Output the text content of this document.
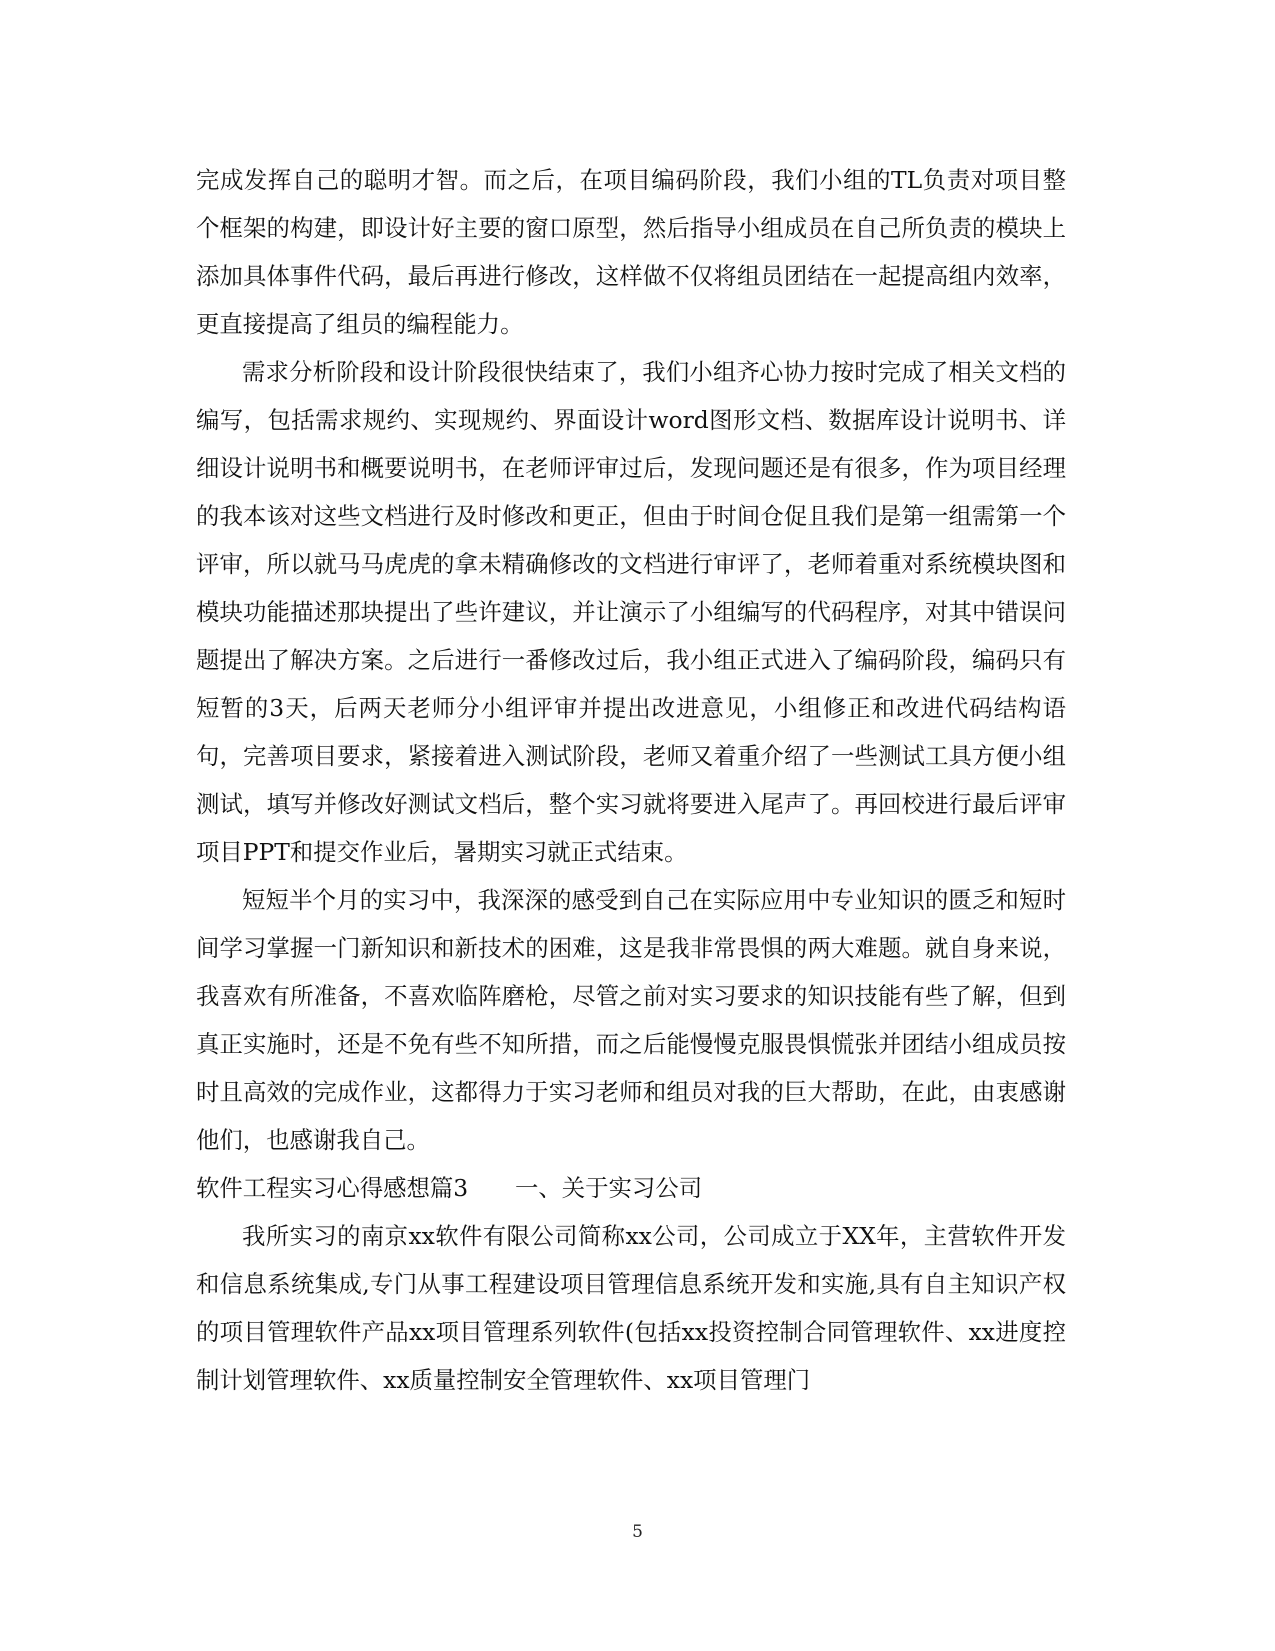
完成发挥自己的聪明才智。而之后，在项目编码阶段，我们小组的TL负责对项目整个框架的构建，即设计好主要的窗口原型，然后指导小组成员在自己所负责的模块上添加具体事件代码，最后再进行修改，这样做不仅将组员团结在一起提高组内效率，更直接提高了组员的编程能力。

需求分析阶段和设计阶段很快结束了，我们小组齐心协力按时完成了相关文档的编写，包括需求规约、实现规约、界面设计word图形文档、数据库设计说明书、详细设计说明书和概要说明书，在老师评审过后，发现问题还是有很多，作为项目经理的我本该对这些文档进行及时修改和更正，但由于时间仓促且我们是第一组需第一个评审，所以就马马虎虎的拿未精确修改的文档进行审评了，老师着重对系统模块图和模块功能描述那块提出了些许建议，并让演示了小组编写的代码程序，对其中错误问题提出了解决方案。之后进行一番修改过后，我小组正式进入了编码阶段，编码只有短暂的3天，后两天老师分小组评审并提出改进意见，小组修正和改进代码结构语句，完善项目要求，紧接着进入测试阶段，老师又着重介绍了一些测试工具方便小组测试，填写并修改好测试文档后，整个实习就将要进入尾声了。再回校进行最后评审项目PPT和提交作业后，暑期实习就正式结束。

短短半个月的实习中，我深深的感受到自己在实际应用中专业知识的匮乏和短时间学习掌握一门新知识和新技术的困难，这是我非常畏惧的两大难题。就自身来说，我喜欢有所准备，不喜欢临阵磨枪，尽管之前对实习要求的知识技能有些了解，但到真正实施时，还是不免有些不知所措，而之后能慢慢克服畏惧慌张并团结小组成员按时且高效的完成作业，这都得力于实习老师和组员对我的巨大帮助，在此，由衷感谢他们，也感谢我自己。

软件工程实习心得感想篇3　　一、关于实习公司

我所实习的南京xx软件有限公司简称xx公司，公司成立于XX年，主营软件开发和信息系统集成,专门从事工程建设项目管理信息系统开发和实施,具有自主知识产权的项目管理软件产品xx项目管理系列软件(包括xx投资控制合同管理软件、xx进度控制计划管理软件、xx质量控制安全管理软件、xx项目管理门

5
